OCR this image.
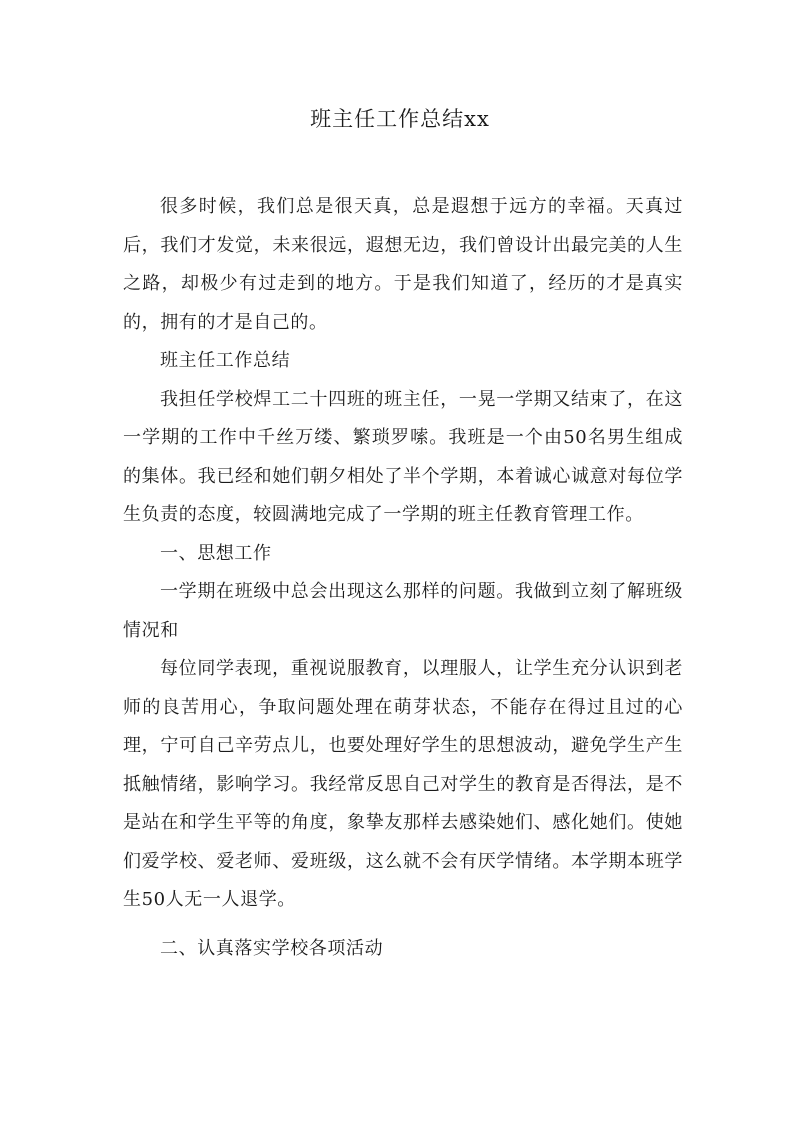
班主任工作总结xx

很多时候，我们总是很天真，总是遐想于远方的幸福。天真过后，我们才发觉，未来很远，遐想无边，我们曾设计出最完美的人生之路，却极少有过走到的地方。于是我们知道了，经历的才是真实的，拥有的才是自己的。

班主任工作总结

我担任学校焊工二十四班的班主任，一晃一学期又结束了，在这一学期的工作中千丝万缕、繁琐罗嗦。我班是一个由50名男生组成的集体。我已经和她们朝夕相处了半个学期，本着诚心诚意对每位学生负责的态度，较圆满地完成了一学期的班主任教育管理工作。

一、思想工作

一学期在班级中总会出现这么那样的问题。我做到立刻了解班级情况和

每位同学表现，重视说服教育，以理服人，让学生充分认识到老师的良苦用心，争取问题处理在萌芽状态，不能存在得过且过的心理，宁可自己辛劳点儿，也要处理好学生的思想波动，避免学生产生抵触情绪，影响学习。我经常反思自己对学生的教育是否得法，是不是站在和学生平等的角度，象挚友那样去感染她们、感化她们。使她们爱学校、爱老师、爱班级，这么就不会有厌学情绪。本学期本班学生50人无一人退学。

二、认真落实学校各项活动
